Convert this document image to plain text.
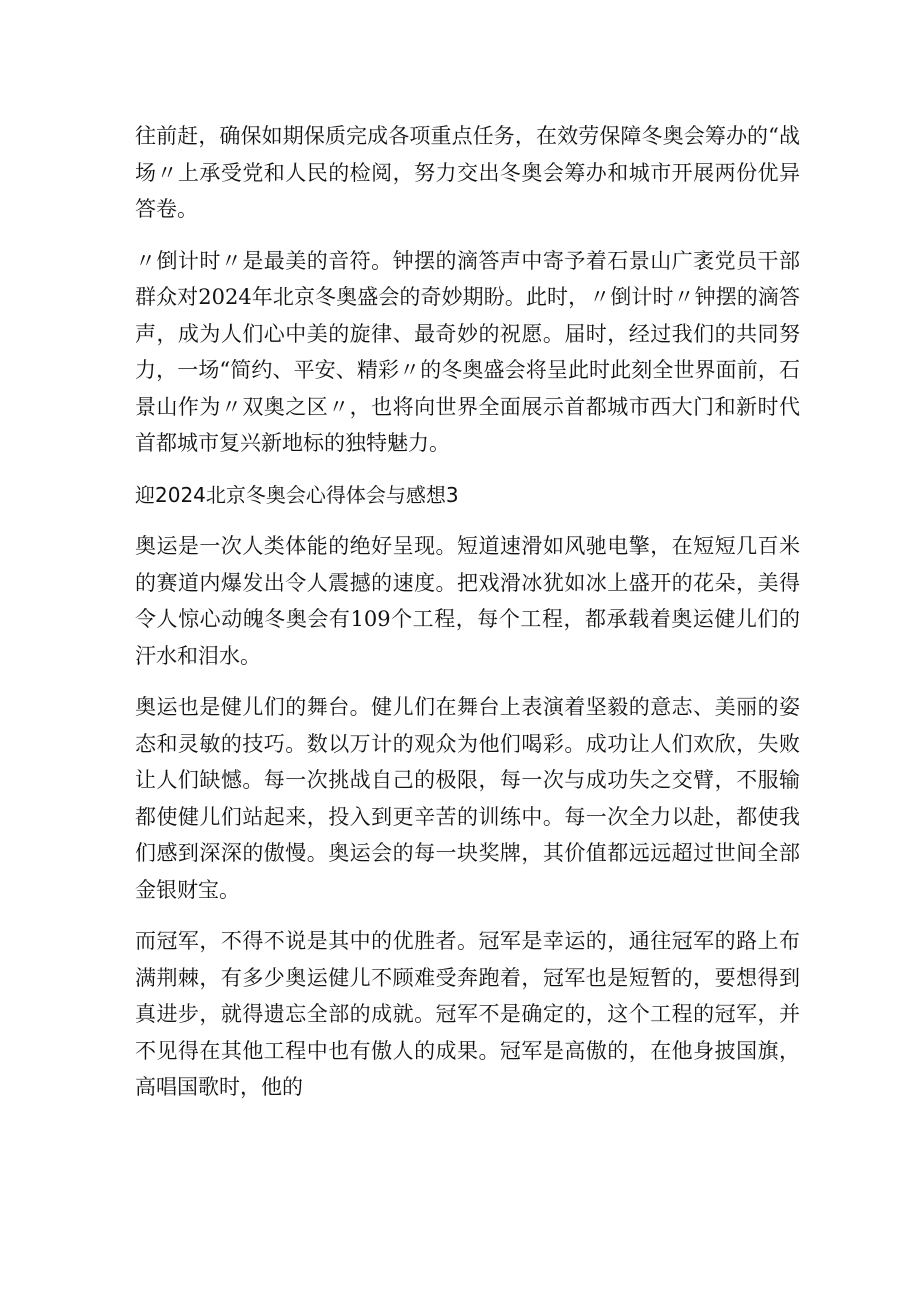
往前赶，确保如期保质完成各项重点任务，在效劳保障冬奥会筹办的“战场〃上承受党和人民的检阅，努力交出冬奥会筹办和城市开展两份优异答卷。

〃倒计时〃是最美的音符。钟摆的滴答声中寄予着石景山广袤党员干部群众对2024年北京冬奥盛会的奇妙期盼。此时，〃倒计时〃钟摆的滴答声，成为人们心中美的旋律、最奇妙的祝愿。届时，经过我们的共同努力，一场“简约、平安、精彩〃的冬奥盛会将呈此时此刻全世界面前，石景山作为〃双奥之区〃，也将向世界全面展示首都城市西大门和新时代首都城市复兴新地标的独特魅力。

迎2024北京冬奥会心得体会与感想3

奥运是一次人类体能的绝好呈现。短道速滑如风驰电擎，在短短几百米的赛道内爆发出令人震撼的速度。把戏滑冰犹如冰上盛开的花朵，美得令人惊心动魄冬奥会有109个工程，每个工程，都承载着奥运健儿们的汗水和泪水。

奥运也是健儿们的舞台。健儿们在舞台上表演着坚毅的意志、美丽的姿态和灵敏的技巧。数以万计的观众为他们喝彩。成功让人们欢欣，失败让人们缺憾。每一次挑战自己的极限，每一次与成功失之交臂，不服输都使健儿们站起来，投入到更辛苦的训练中。每一次全力以赴，都使我们感到深深的傲慢。奥运会的每一块奖牌，其价值都远远超过世间全部金银财宝。

而冠军，不得不说是其中的优胜者。冠军是幸运的，通往冠军的路上布满荆棘，有多少奥运健儿不顾难受奔跑着，冠军也是短暂的，要想得到真进步，就得遗忘全部的成就。冠军不是确定的，这个工程的冠军，并不见得在其他工程中也有傲人的成果。冠军是高傲的，在他身披国旗，高唱国歌时，他的
